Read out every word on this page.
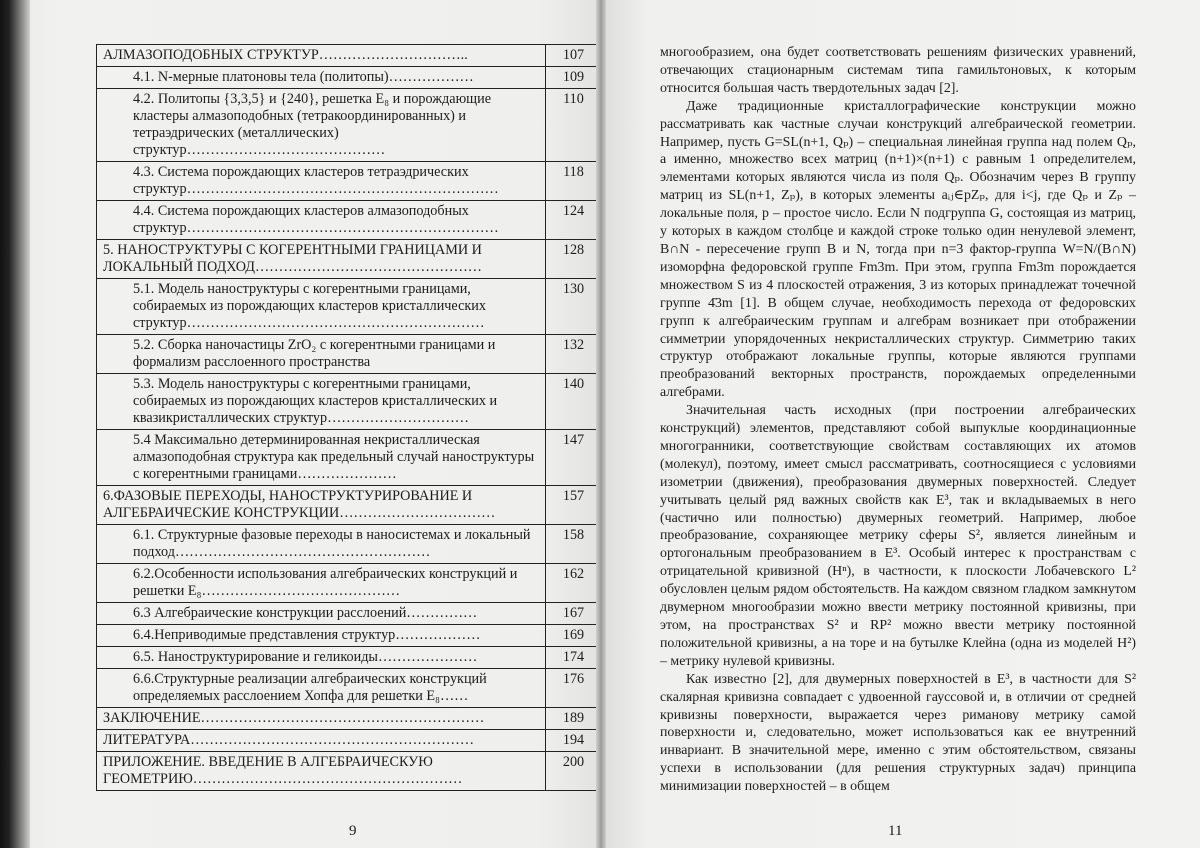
АЛМАЗОПОДОБНЫХ СТРУКТУР…………………………..	107
4.1. N-мерные платоновы тела (политопы)………………	109
4.2. Политопы {3,3,5} и {240}, решетка E₈ и порождающие кластеры алмазоподобных (тетракоординированных) и тетраэдрических (металлических) структур……………………………………
110
4.3. Система порождающих кластеров тетраэдрических структур…………………………………………………………
118
4.4. Система порождающих кластеров алмазоподобных структур…………………………………………………………
124
5. НАНОСТРУКТУРЫ С КОГЕРЕНТНЫМИ ГРАНИЦАМИ И ЛОКАЛЬНЫЙ ПОДХОД…………………………………………
128
5.1. Модель наноструктуры с когерентными границами, собираемых из порождающих кластеров кристаллических структур………………………………………………………
130
5.2. Сборка наночастицы ZrO₂ с когерентными границами и формализм расслоенного пространства
132
5.3. Модель наноструктуры с когерентными границами, собираемых из порождающих кластеров кристаллических и квазикристаллических структур…………………………
140
5.4 Максимально детерминированная некристаллическая алмазоподобная структура как предельный случай наноструктуры с когерентными границами…………………
147
6.ФАЗОВЫЕ ПЕРЕХОДЫ, НАНОСТРУКТУРИРОВАНИЕ И АЛГЕБРАИЧЕСКИЕ КОНСТРУКЦИИ……………………………
157
6.1. Структурные фазовые переходы в наносистемах и локальный подход………………………………………………
158
6.2.Особенности использования алгебраических конструкций и решетки E₈……………………………………
162
6.3 Алгебраические конструкции расслоений……………	167
6.4.Неприводимые представления структур………………	169
6.5. Наноструктурирование и геликоиды…………………	174
6.6.Структурные реализации алгебраических конструкций определяемых расслоением Хопфа для решетки E₈……
176
ЗАКЛЮЧЕНИЕ……………………………………………………	189
ЛИТЕРАТУРА……………………………………………………	194
ПРИЛОЖЕНИЕ. ВВЕДЕНИЕ В АЛГЕБРАИЧЕСКУЮ ГЕОМЕТРИЮ…………………………………………………
200
9

многообразием, она будет соответствовать решениям физических уравнений, отвечающих стационарным системам типа гамильтоновых, к которым относится большая часть твердотельных задач [2].

Даже традиционные кристаллографические конструкции можно рассматривать как частные случаи конструкций алгебраической геометрии. Например, пусть G=SL(n+1, Qₚ) – специальная линейная группа над полем Qₚ, а именно, множество всех матриц (n+1)×(n+1) с равным 1 определителем, элементами которых являются числа из поля Qₚ. Обозначим через B группу матриц из SL(n+1, Zₚ), в которых элементы aᵢⱼ∈pZₚ, для i<j, где Qₚ и Zₚ – локальные поля, p – простое число. Если N подгруппа G, состоящая из матриц, у которых в каждом столбце и каждой строке только один ненулевой элемент, B∩N - пересечение групп B и N, тогда при n=3 фактор-группа W=N/(B∩N) изоморфна федоровской группе Fm3m. При этом, группа Fm3m порождается множеством S из 4 плоскостей отражения, 3 из которых принадлежат точечной группе 4̄3m [1]. В общем случае, необходимость перехода от федоровских групп к алгебраическим группам и алгебрам возникает при отображении симметрии упорядоченных некристаллических структур. Симметрию таких структур отображают локальные группы, которые являются группами преобразований векторных пространств, порождаемых определенными алгебрами.

Значительная часть исходных (при построении алгебраических конструкций) элементов, представляют собой выпуклые координационные многогранники, соответствующие свойствам составляющих их атомов (молекул), поэтому, имеет смысл рассматривать, соотносящиеся с условиями изометрии (движения), преобразования двумерных поверхностей. Следует учитывать целый ряд важных свойств как E³, так и вкладываемых в него (частично или полностью) двумерных геометрий. Например, любое преобразование, сохраняющее метрику сферы S², является линейным и ортогональным преобразованием в E³. Особый интерес к пространствам с отрицательной кривизной (Hⁿ), в частности, к плоскости Лобачевского L² обусловлен целым рядом обстоятельств. На каждом связном гладком замкнутом двумерном многообразии можно ввести метрику постоянной кривизны, при этом, на пространствах S² и RP² можно ввести метрику постоянной положительной кривизны, а на торе и на бутылке Клейна (одна из моделей H²) – метрику нулевой кривизны.

Как известно [2], для двумерных поверхностей в E³, в частности для S² скалярная кривизна совпадает с удвоенной гауссовой и, в отличии от средней кривизны поверхности, выражается через риманову метрику самой поверхности и, следовательно, может использоваться как ее внутренний инвариант. В значительной мере, именно с этим обстоятельством, связаны успехи в использовании (для решения структурных задач) принципа минимизации поверхностей – в общем

11
